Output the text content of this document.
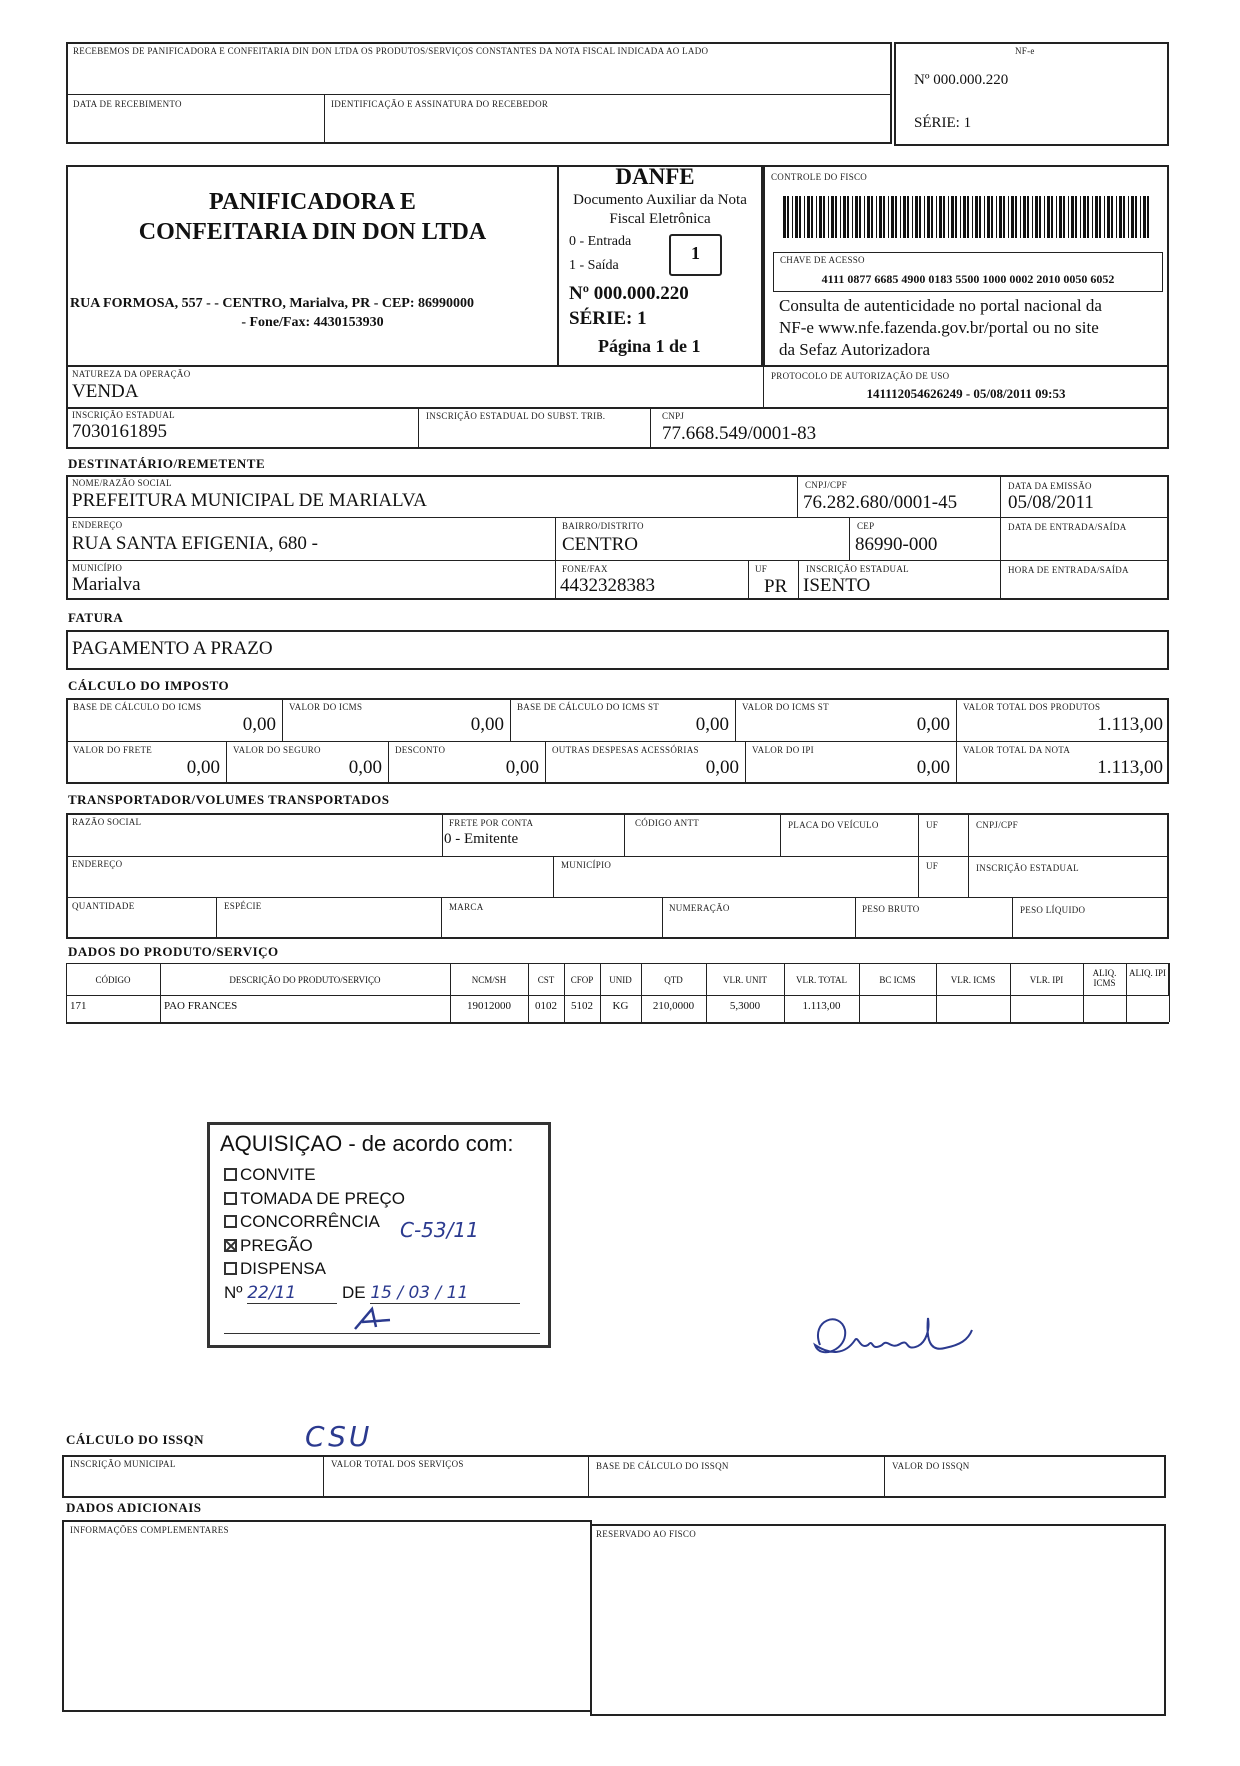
RECEBEMOS DE PANIFICADORA E CONFEITARIA DIN DON LTDA OS PRODUTOS/SERVIÇOS CONSTANTES DA NOTA FISCAL INDICADA AO LADO
DATA DE RECEBIMENTO	IDENTIFICAÇÃO E ASSINATURA DO RECEBEDOR
NF-e
Nº 000.000.220
SÉRIE: 1
PANIFICADORA E
CONFEITARIA DIN DON LTDA
RUA FORMOSA, 557 - - CENTRO, Marialva, PR - CEP: 86990000
- Fone/Fax: 4430153930
DANFE
Documento Auxiliar da Nota
Fiscal Eletrônica
0 - Entrada
1 - Saída
1
Nº 000.000.220
SÉRIE: 1
Página 1 de 1
CONTROLE DO FISCO
CHAVE DE ACESSO
4111 0877 6685 4900 0183 5500 1000 0002 2010 0050 6052
Consulta de autenticidade no portal nacional da
NF-e www.nfe.fazenda.gov.br/portal ou no site
da Sefaz Autorizadora
NATUREZA DA OPERAÇÃO
VENDA
PROTOCOLO DE AUTORIZAÇÃO DE USO
141112054626249 - 05/08/2011 09:53
INSCRIÇÃO ESTADUAL
7030161895
INSCRIÇÃO ESTADUAL DO SUBST. TRIB.	CNPJ
77.668.549/0001-83
DESTINATÁRIO/REMETENTE
NOME/RAZÃO SOCIAL
PREFEITURA MUNICIPAL DE MARIALVA
CNPJ/CPF
76.282.680/0001-45
DATA DA EMISSÃO
05/08/2011
ENDEREÇO
RUA SANTA EFIGENIA, 680 -
BAIRRO/DISTRITO
CENTRO
CEP
86990-000
DATA DE ENTRADA/SAÍDA
MUNICÍPIO
Marialva
FONE/FAX
4432328383
UF
PR
INSCRIÇÃO ESTADUAL
ISENTO
HORA DE ENTRADA/SAÍDA
FATURA
PAGAMENTO A PRAZO
CÁLCULO DO IMPOSTO
TRANSPORTADOR/VOLUMES TRANSPORTADOS
RAZÃO SOCIAL	FRETE POR CONTA
0 - Emitente
CÓDIGO ANTT	PLACA DO VEÍCULO	UF	CNPJ/CPF
ENDEREÇO	MUNICÍPIO	UF	INSCRIÇÃO ESTADUAL
QUANTIDADE	ESPÉCIE	MARCA	NUMERAÇÃO	PESO BRUTO	PESO LÍQUIDO
DADOS DO PRODUTO/SERVIÇO
AQUISIÇAO - de acordo com:
CONVITE
TOMADA DE PREÇO
CONCORRÊNCIA
PREGÃO
DISPENSA
Nº 22/11	DE 15 / 03 / 11
C-53/11
CÁLCULO DO ISSQN	CSU
DADOS ADICIONAIS
INFORMAÇÕES COMPLEMENTARES	RESERVADO AO FISCO
BASE DE CÁLCULO DO ICMS
0,00
VALOR DO ICMS
0,00
BASE DE CÁLCULO DO ICMS ST
0,00
VALOR DO ICMS ST
0,00
VALOR TOTAL DOS PRODUTOS
1.113,00
VALOR DO FRETE
0,00
VALOR DO SEGURO
0,00
DESCONTO
0,00
OUTRAS DESPESAS ACESSÓRIAS
0,00
VALOR DO IPI
0,00
VALOR TOTAL DA NOTA
1.113,00
CÓDIGO	DESCRIÇÃO DO PRODUTO/SERVIÇO	NCM/SH	CST	CFOP	UNID	QTD	VLR. UNIT	VLR. TOTAL	BC ICMS	VLR. ICMS	VLR. IPI
ALIQ. ICMS
ALIQ. IPI
171	PAO FRANCES	19012000	0102	5102	KG	210,0000	5,3000	1.113,00
INSCRIÇÃO MUNICIPAL	VALOR TOTAL DOS SERVIÇOS	BASE DE CÁLCULO DO ISSQN	VALOR DO ISSQN
